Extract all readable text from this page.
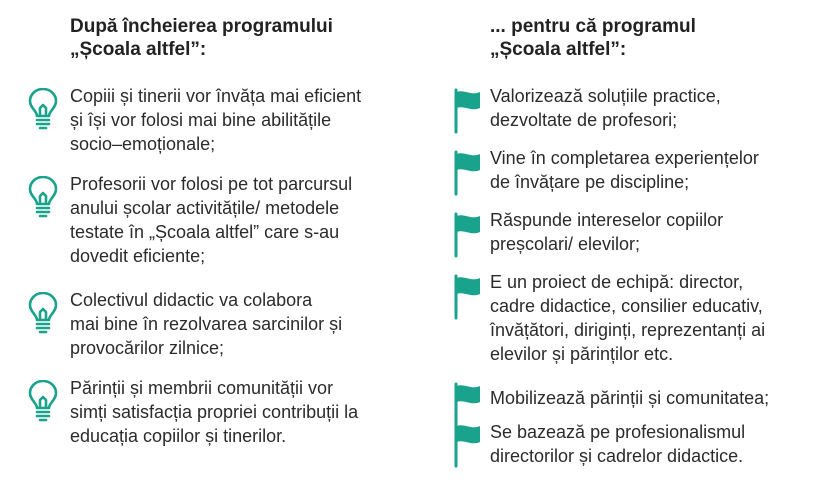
După încheierea programului
„Școala altfel”:
Copiii și tinerii vor învăța mai eficient
și își vor folosi mai bine abilitățile
socio–emoționale;
Profesorii vor folosi pe tot parcursul
anului școlar activitățile/ metodele
testate în „Școala altfel” care s-au
dovedit eficiente;
Colectivul didactic va colabora
mai bine în rezolvarea sarcinilor și
provocărilor zilnice;
Părinții și membrii comunității vor
simți satisfacția propriei contribuții la
educația copiilor și tinerilor.
... pentru că programul
„Școala altfel”:
Valorizează soluțiile practice,
dezvoltate de profesori;
Vine în completarea experiențelor
de învățare pe discipline;
Răspunde intereselor copiilor
preșcolari/ elevilor;
E un proiect de echipă: director,
cadre didactice, consilier educativ,
învățători, diriginți, reprezentanți ai
elevilor și părinților etc.
Mobilizează părinții și comunitatea;
Se bazează pe profesionalismul
directorilor și cadrelor didactice.
